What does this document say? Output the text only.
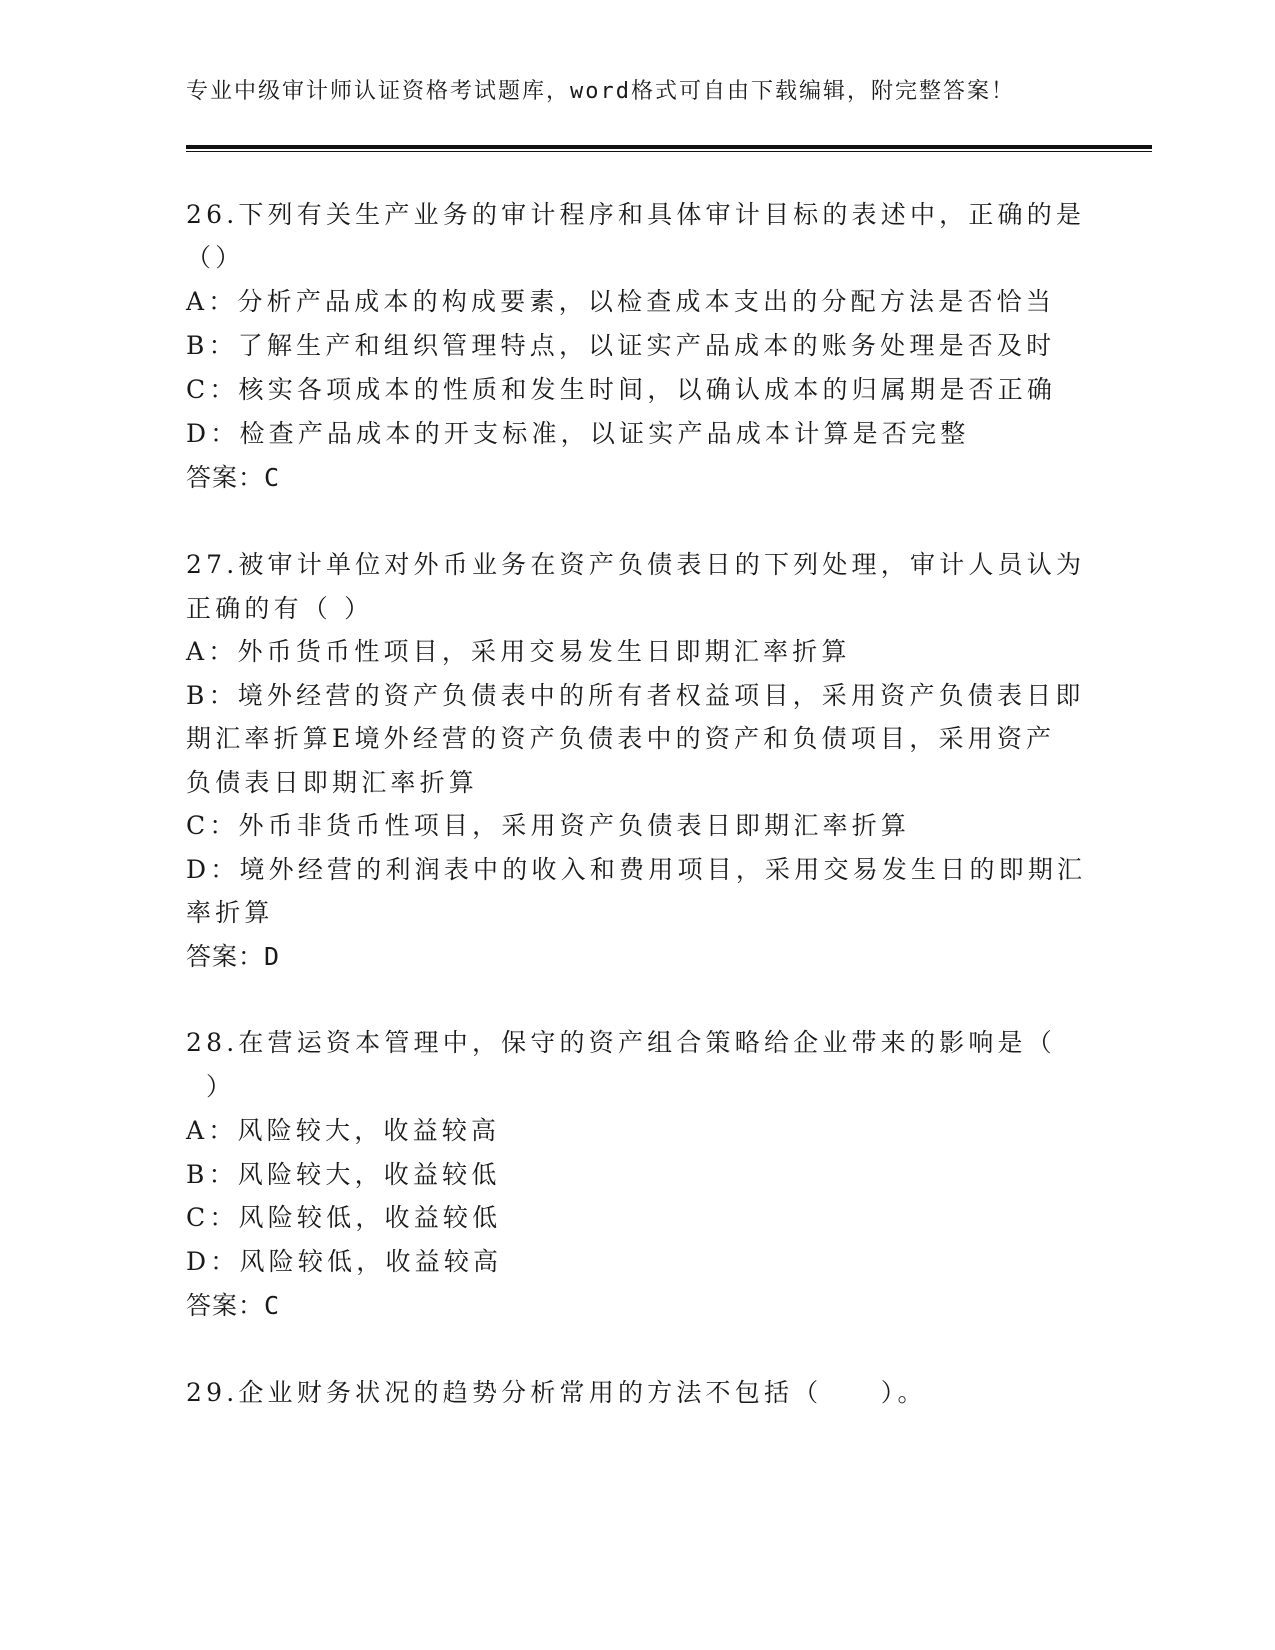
专业中级审计师认证资格考试题库，word格式可自由下载编辑，附完整答案！
26.下列有关生产业务的审计程序和具体审计目标的表述中，正确的是
（）
A：分析产品成本的构成要素，以检查成本支出的分配方法是否恰当
B：了解生产和组织管理特点，以证实产品成本的账务处理是否及时
C：核实各项成本的性质和发生时间，以确认成本的归属期是否正确
D：检查产品成本的开支标准，以证实产品成本计算是否完整
答案：C
27.被审计单位对外币业务在资产负债表日的下列处理，审计人员认为
正确的有（ ）
A：外币货币性项目，采用交易发生日即期汇率折算
B：境外经营的资产负债表中的所有者权益项目，采用资产负债表日即
期汇率折算E境外经营的资产负债表中的资产和负债项目，采用资产
负债表日即期汇率折算
C：外币非货币性项目，采用资产负债表日即期汇率折算
D：境外经营的利润表中的收入和费用项目，采用交易发生日的即期汇
率折算
答案：D
28.在营运资本管理中，保守的资产组合策略给企业带来的影响是（
）
A：风险较大，收益较高
B：风险较大，收益较低
C：风险较低，收益较低
D：风险较低，收益较高
答案：C
29.企业财务状况的趋势分析常用的方法不包括（　　）。
